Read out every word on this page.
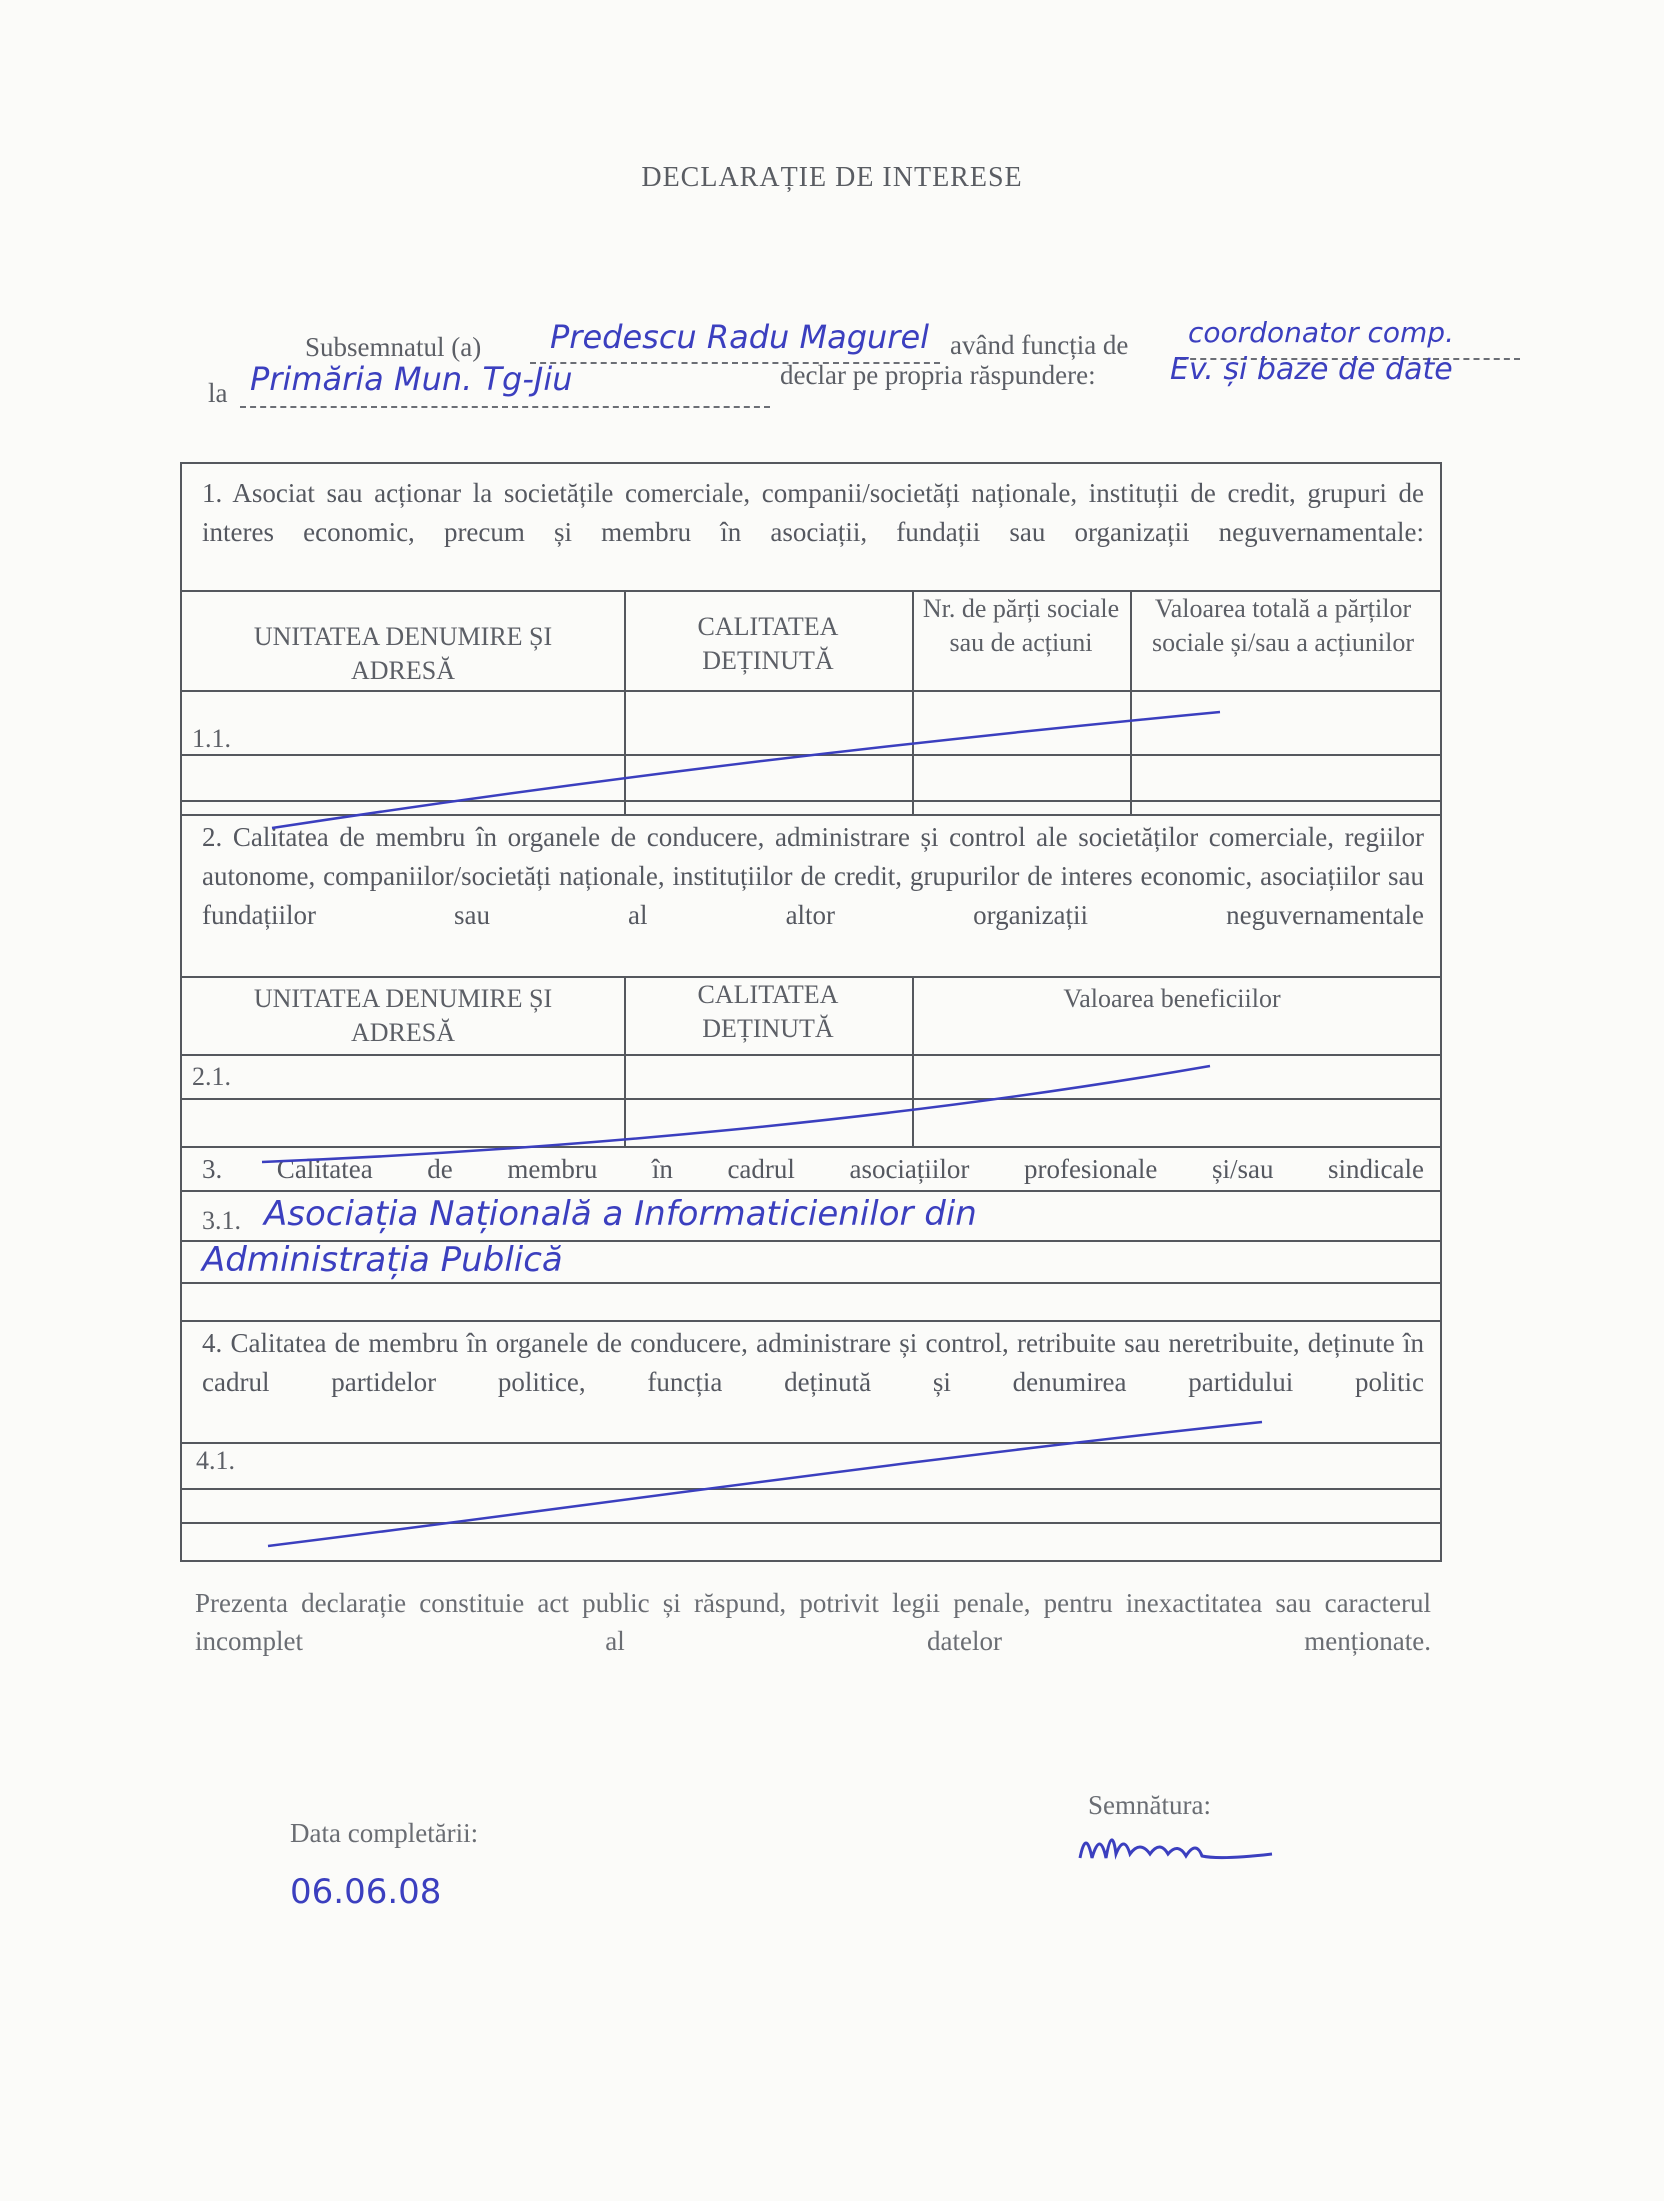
DECLARAȚIE DE INTERESE
Subsemnatul (a)	Predescu Radu Magurel având funcția de coordonator comp.
la Primăria Mun. Tg-Jiu	declar pe propria răspundere: Ev. și baze de date
1. Asociat sau acționar la societățile comerciale, companii/societăți naționale, instituții de credit, grupuri de interes economic, precum și membru în asociații, fundații sau organizații neguvernamentale:
UNITATEA DENUMIRE ȘI ADRESĂ
CALITATEA DEȚINUTĂ
Nr. de părți sociale sau de acțiuni
Valoarea totală a părților sociale și/sau a acțiunilor
1.1.
2. Calitatea de membru în organele de conducere, administrare și control ale societăților comerciale, regiilor autonome, companiilor/societăți naționale, instituțiilor de credit, grupurilor de interes economic, asociațiilor sau fundațiilor sau al altor organizații neguvernamentale
UNITATEA DENUMIRE ȘI ADRESĂ
CALITATEA DEȚINUTĂ
Valoarea beneficiilor
2.1.
3. Calitatea de membru în cadrul asociațiilor profesionale și/sau sindicale
3.1. Asociația Națională a Informaticienilor din
Administrația Publică
4. Calitatea de membru în organele de conducere, administrare și control, retribuite sau neretribuite, deținute în cadrul partidelor politice, funcția deținută și denumirea partidului politic
4.1.
Prezenta declarație constituie act public și răspund, potrivit legii penale, pentru inexactitatea sau caracterul incomplet al datelor menționate.
Data completării:
06.06.08
Semnătura:
